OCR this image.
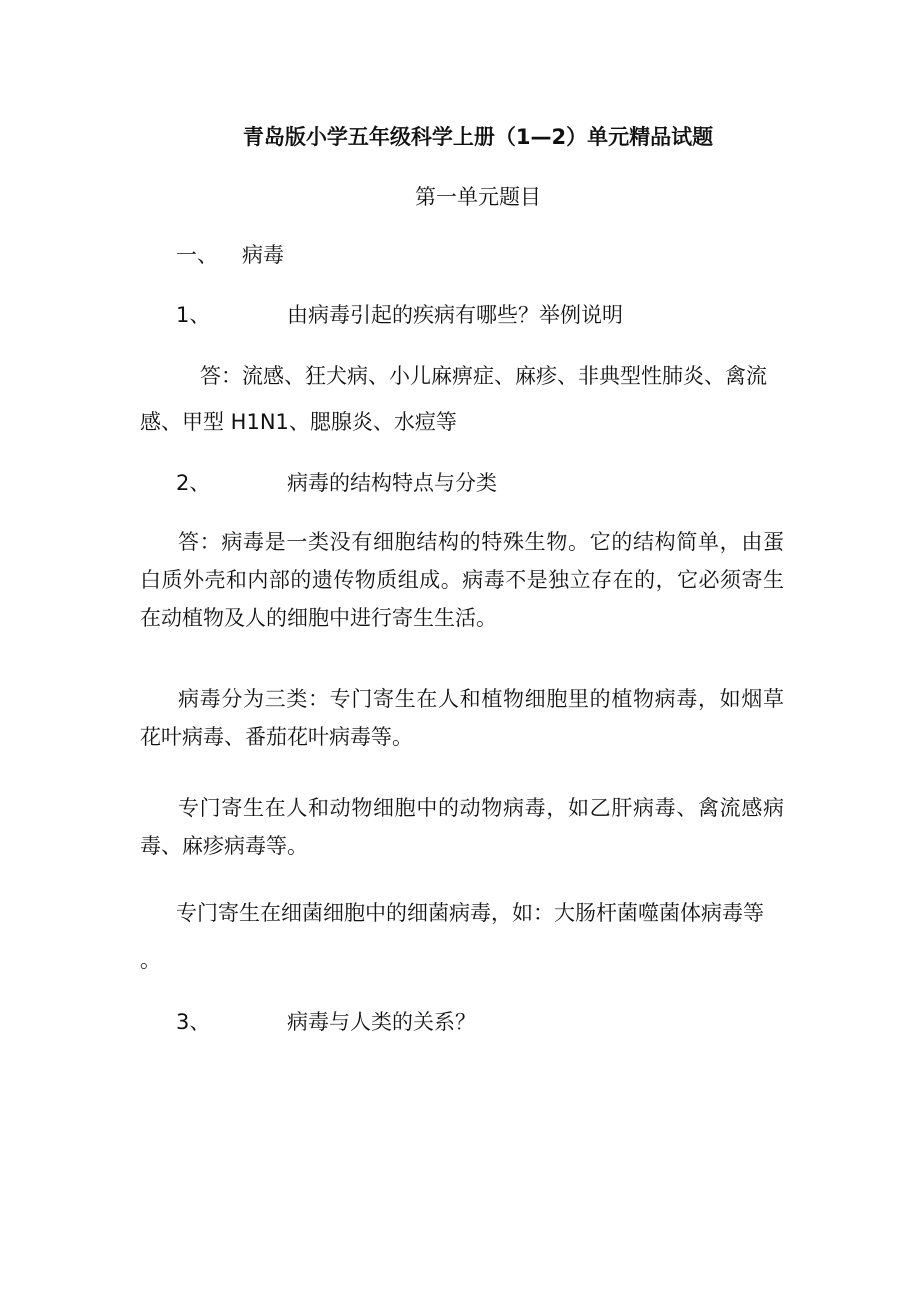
青岛版小学五年级科学上册（1—2）单元精品试题
第一单元题目
一、 病毒
1、	由病毒引起的疾病有哪些？举例说明
答：流感、狂犬病、小儿麻痹症、麻疹、非典型性肺炎、禽流
感、甲型 H1N1、腮腺炎、水痘等
2、	病毒的结构特点与分类
答：病毒是一类没有细胞结构的特殊生物。它的结构简单，由蛋白质外壳和内部的遗传物质组成。病毒不是独立存在的，它必须寄生在动植物及人的细胞中进行寄生生活。
病毒分为三类：专门寄生在人和植物细胞里的植物病毒，如烟草花叶病毒、番茄花叶病毒等。
专门寄生在人和动物细胞中的动物病毒，如乙肝病毒、禽流感病毒、麻疹病毒等。
专门寄生在细菌细胞中的细菌病毒，如：大肠杆菌噬菌体病毒等
。
3、	病毒与人类的关系？
